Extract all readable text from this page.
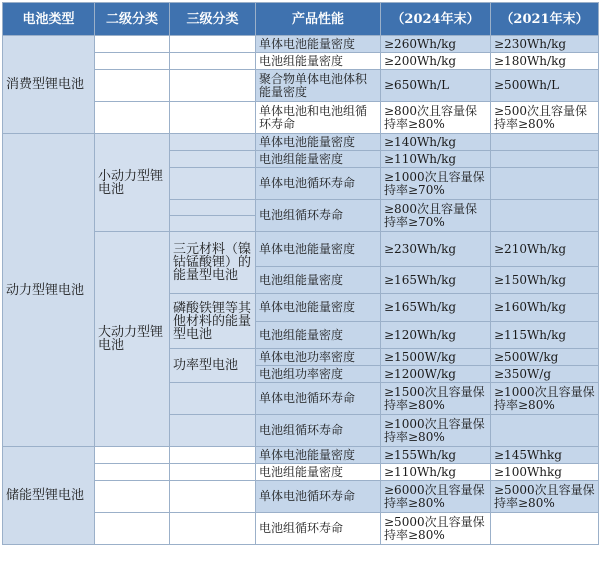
电池类型	二级分类	三级分类	产品性能	（2024年末）	（2021年末）
消费型锂电池			单体电池能量密度	≥260Wh/kg	≥230Wh/kg
			电池组能量密度	≥200Wh/kg	≥180Wh/kg
			聚合物单体电池体积能量密度	≥650Wh/L	≥500Wh/L
			单体电池和电池组循环寿命	≥800次且容量保持率≥80%	≥500次且容量保持率≥80%
动力型锂电池	小动力型锂电池		单体电池能量密度	≥140Wh/kg	
			电池组能量密度	≥110Wh/kg	
			单体电池循环寿命	≥1000次且容量保持率≥70%	
			电池组循环寿命	≥800次且容量保持率≥70%	

	大动力型锂电池	三元材料（镍钴锰酸锂）的能量型电池	单体电池能量密度	≥230Wh/kg	≥210Wh/kg
			电池组能量密度	≥165Wh/kg	≥150Wh/kg
		磷酸铁锂等其他材料的能量型电池	单体电池能量密度	≥165Wh/kg	≥160Wh/kg
			电池组能量密度	≥120Wh/kg	≥115Wh/kg
		功率型电池	单体电池功率密度	≥1500W/kg	≥500W/kg
			电池组功率密度	≥1200W/kg	≥350W/g
			单体电池循环寿命	≥1500次且容量保持率≥80%	≥1000次且容量保持率≥80%
			电池组循环寿命	≥1000次且容量保持率≥80%	

储能型锂电池			单体电池能量密度	≥155Wh/kg	≥145Whkg
			电池组能量密度	≥110Wh/kg	≥100Whkg
			单体电池循环寿命	≥6000次且容量保持率≥80%	≥5000次且容量保持率≥80%
			电池组循环寿命	≥5000次且容量保持率≥80%	
